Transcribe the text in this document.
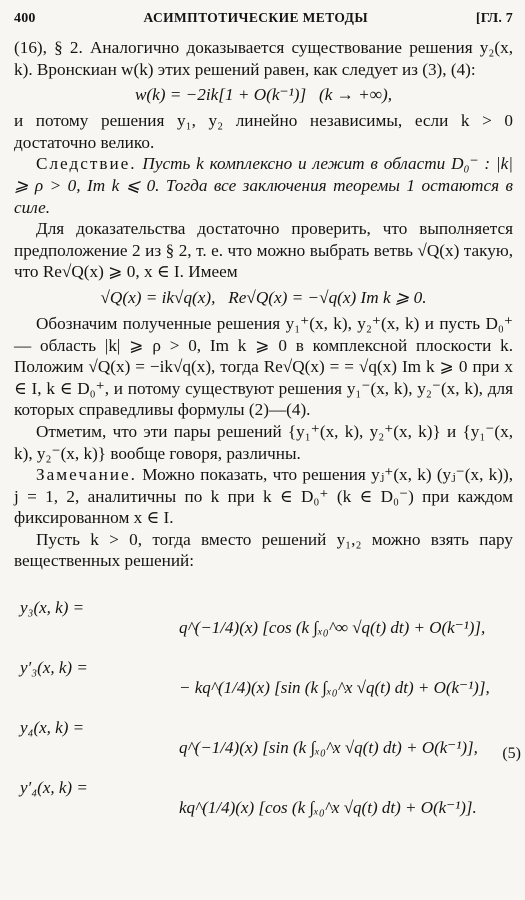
400	АСИМПТОТИЧЕСКИЕ МЕТОДЫ	[ГЛ. 7

(16), § 2. Аналогично доказывается существование решения y₂(x, k). Вронскиан w(k) этих решений равен, как следует из (3), (4):

w(k) = −2ik[1 + O(k⁻¹)]   (k → +∞),

и потому решения y₁, y₂ линейно независимы, если k > 0 достаточно велико.

Следствие. Пусть k комплексно и лежит в области D₀⁻ : |k| ⩾ ρ > 0, Im k ⩽ 0. Тогда все заключения теоремы 1 остаются в силе.

Для доказательства достаточно проверить, что выполняется предположение 2 из § 2, т. е. что можно выбрать ветвь √Q(x) такую, что Re√Q(x) ⩾ 0, x ∈ I. Имеем

√Q(x) = ik√q(x),   Re√Q(x) = −√q(x) Im k ⩾ 0.

Обозначим полученные решения y₁⁺(x, k), y₂⁺(x, k) и пусть D₀⁺ — область |k| ⩾ ρ > 0, Im k ⩾ 0 в комплексной плоскости k. Положим √Q(x) = −ik√q(x), тогда Re√Q(x) = = √q(x) Im k ⩾ 0 при x ∈ I, k ∈ D₀⁺, и потому существуют решения y₁⁻(x, k), y₂⁻(x, k), для которых справедливы формулы (2)—(4).

Отметим, что эти пары решений {y₁⁺(x, k), y₂⁺(x, k)} и {y₁⁻(x, k), y₂⁻(x, k)} вообще говоря, различны.

Замечание. Можно показать, что решения yⱼ⁺(x, k) (yⱼ⁻(x, k)), j = 1, 2, аналитичны по k при k ∈ D₀⁺ (k ∈ D₀⁻) при каждом фиксированном x ∈ I.

Пусть k > 0, тогда вместо решений y₁,₂ можно взять пару вещественных решений:

y₃(x, k) =

q^(−1/4)(x) [cos (k ∫ₓ₀^∞ √q(t) dt) + O(k⁻¹)],

y′₃(x, k) =

− kq^(1/4)(x) [sin (k ∫ₓ₀^x √q(t) dt) + O(k⁻¹)],

y₄(x, k) =

q^(−1/4)(x) [sin (k ∫ₓ₀^x √q(t) dt) + O(k⁻¹)],

y′₄(x, k) =

kq^(1/4)(x) [cos (k ∫ₓ₀^x √q(t) dt) + O(k⁻¹)].

(5)
